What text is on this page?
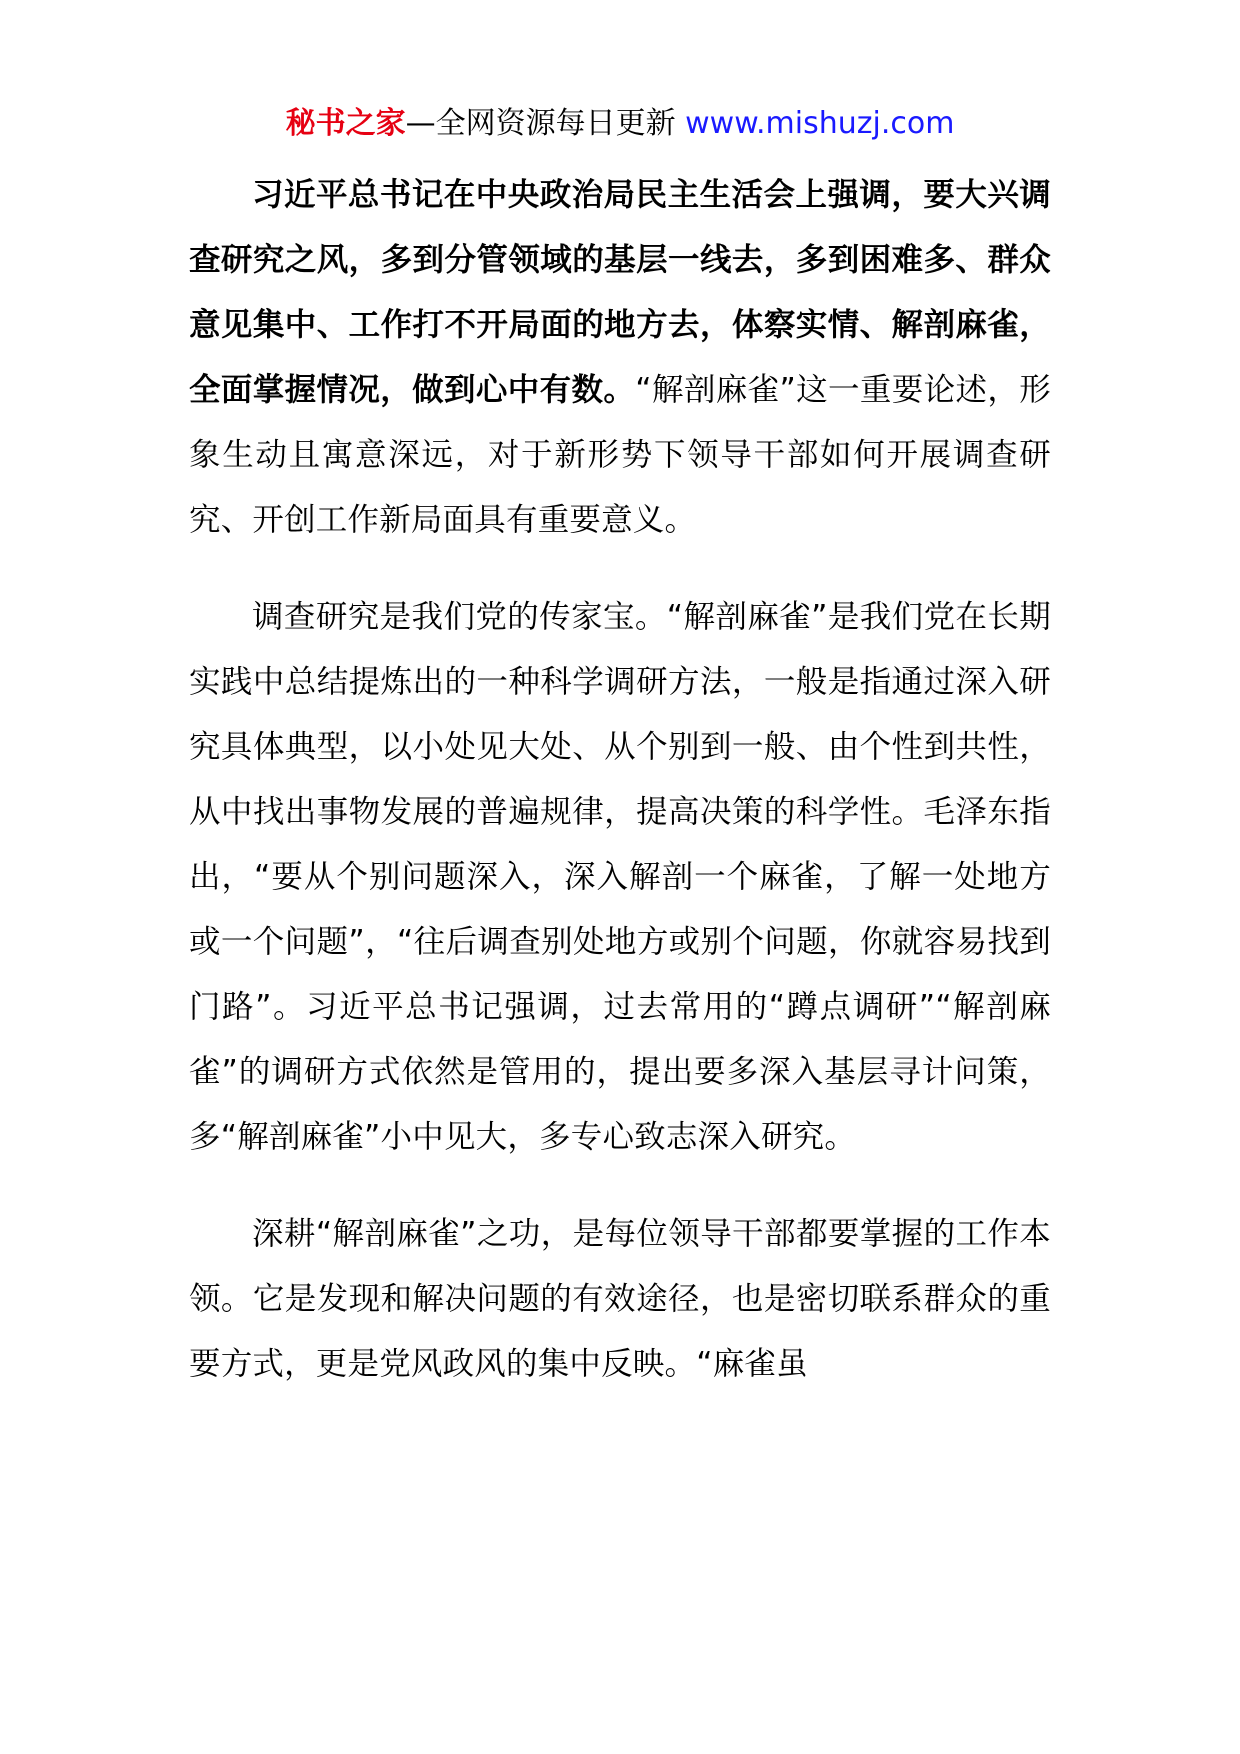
秘书之家—全网资源每日更新 www.mishuzj.com

习近平总书记在中央政治局民主生活会上强调，要大兴调查研究之风，多到分管领域的基层一线去，多到困难多、群众意见集中、工作打不开局面的地方去，体察实情、解剖麻雀，全面掌握情况，做到心中有数。“解剖麻雀”这一重要论述，形象生动且寓意深远，对于新形势下领导干部如何开展调查研究、开创工作新局面具有重要意义。

调查研究是我们党的传家宝。“解剖麻雀”是我们党在长期实践中总结提炼出的一种科学调研方法，一般是指通过深入研究具体典型，以小处见大处、从个别到一般、由个性到共性，从中找出事物发展的普遍规律，提高决策的科学性。毛泽东指出，“要从个别问题深入，深入解剖一个麻雀，了解一处地方或一个问题”，“往后调查别处地方或别个问题，你就容易找到门路”。习近平总书记强调，过去常用的“蹲点调研”“解剖麻雀”的调研方式依然是管用的，提出要多深入基层寻计问策，多“解剖麻雀”小中见大，多专心致志深入研究。

深耕“解剖麻雀”之功，是每位领导干部都要掌握的工作本领。它是发现和解决问题的有效途径，也是密切联系群众的重要方式，更是党风政风的集中反映。“麻雀虽
